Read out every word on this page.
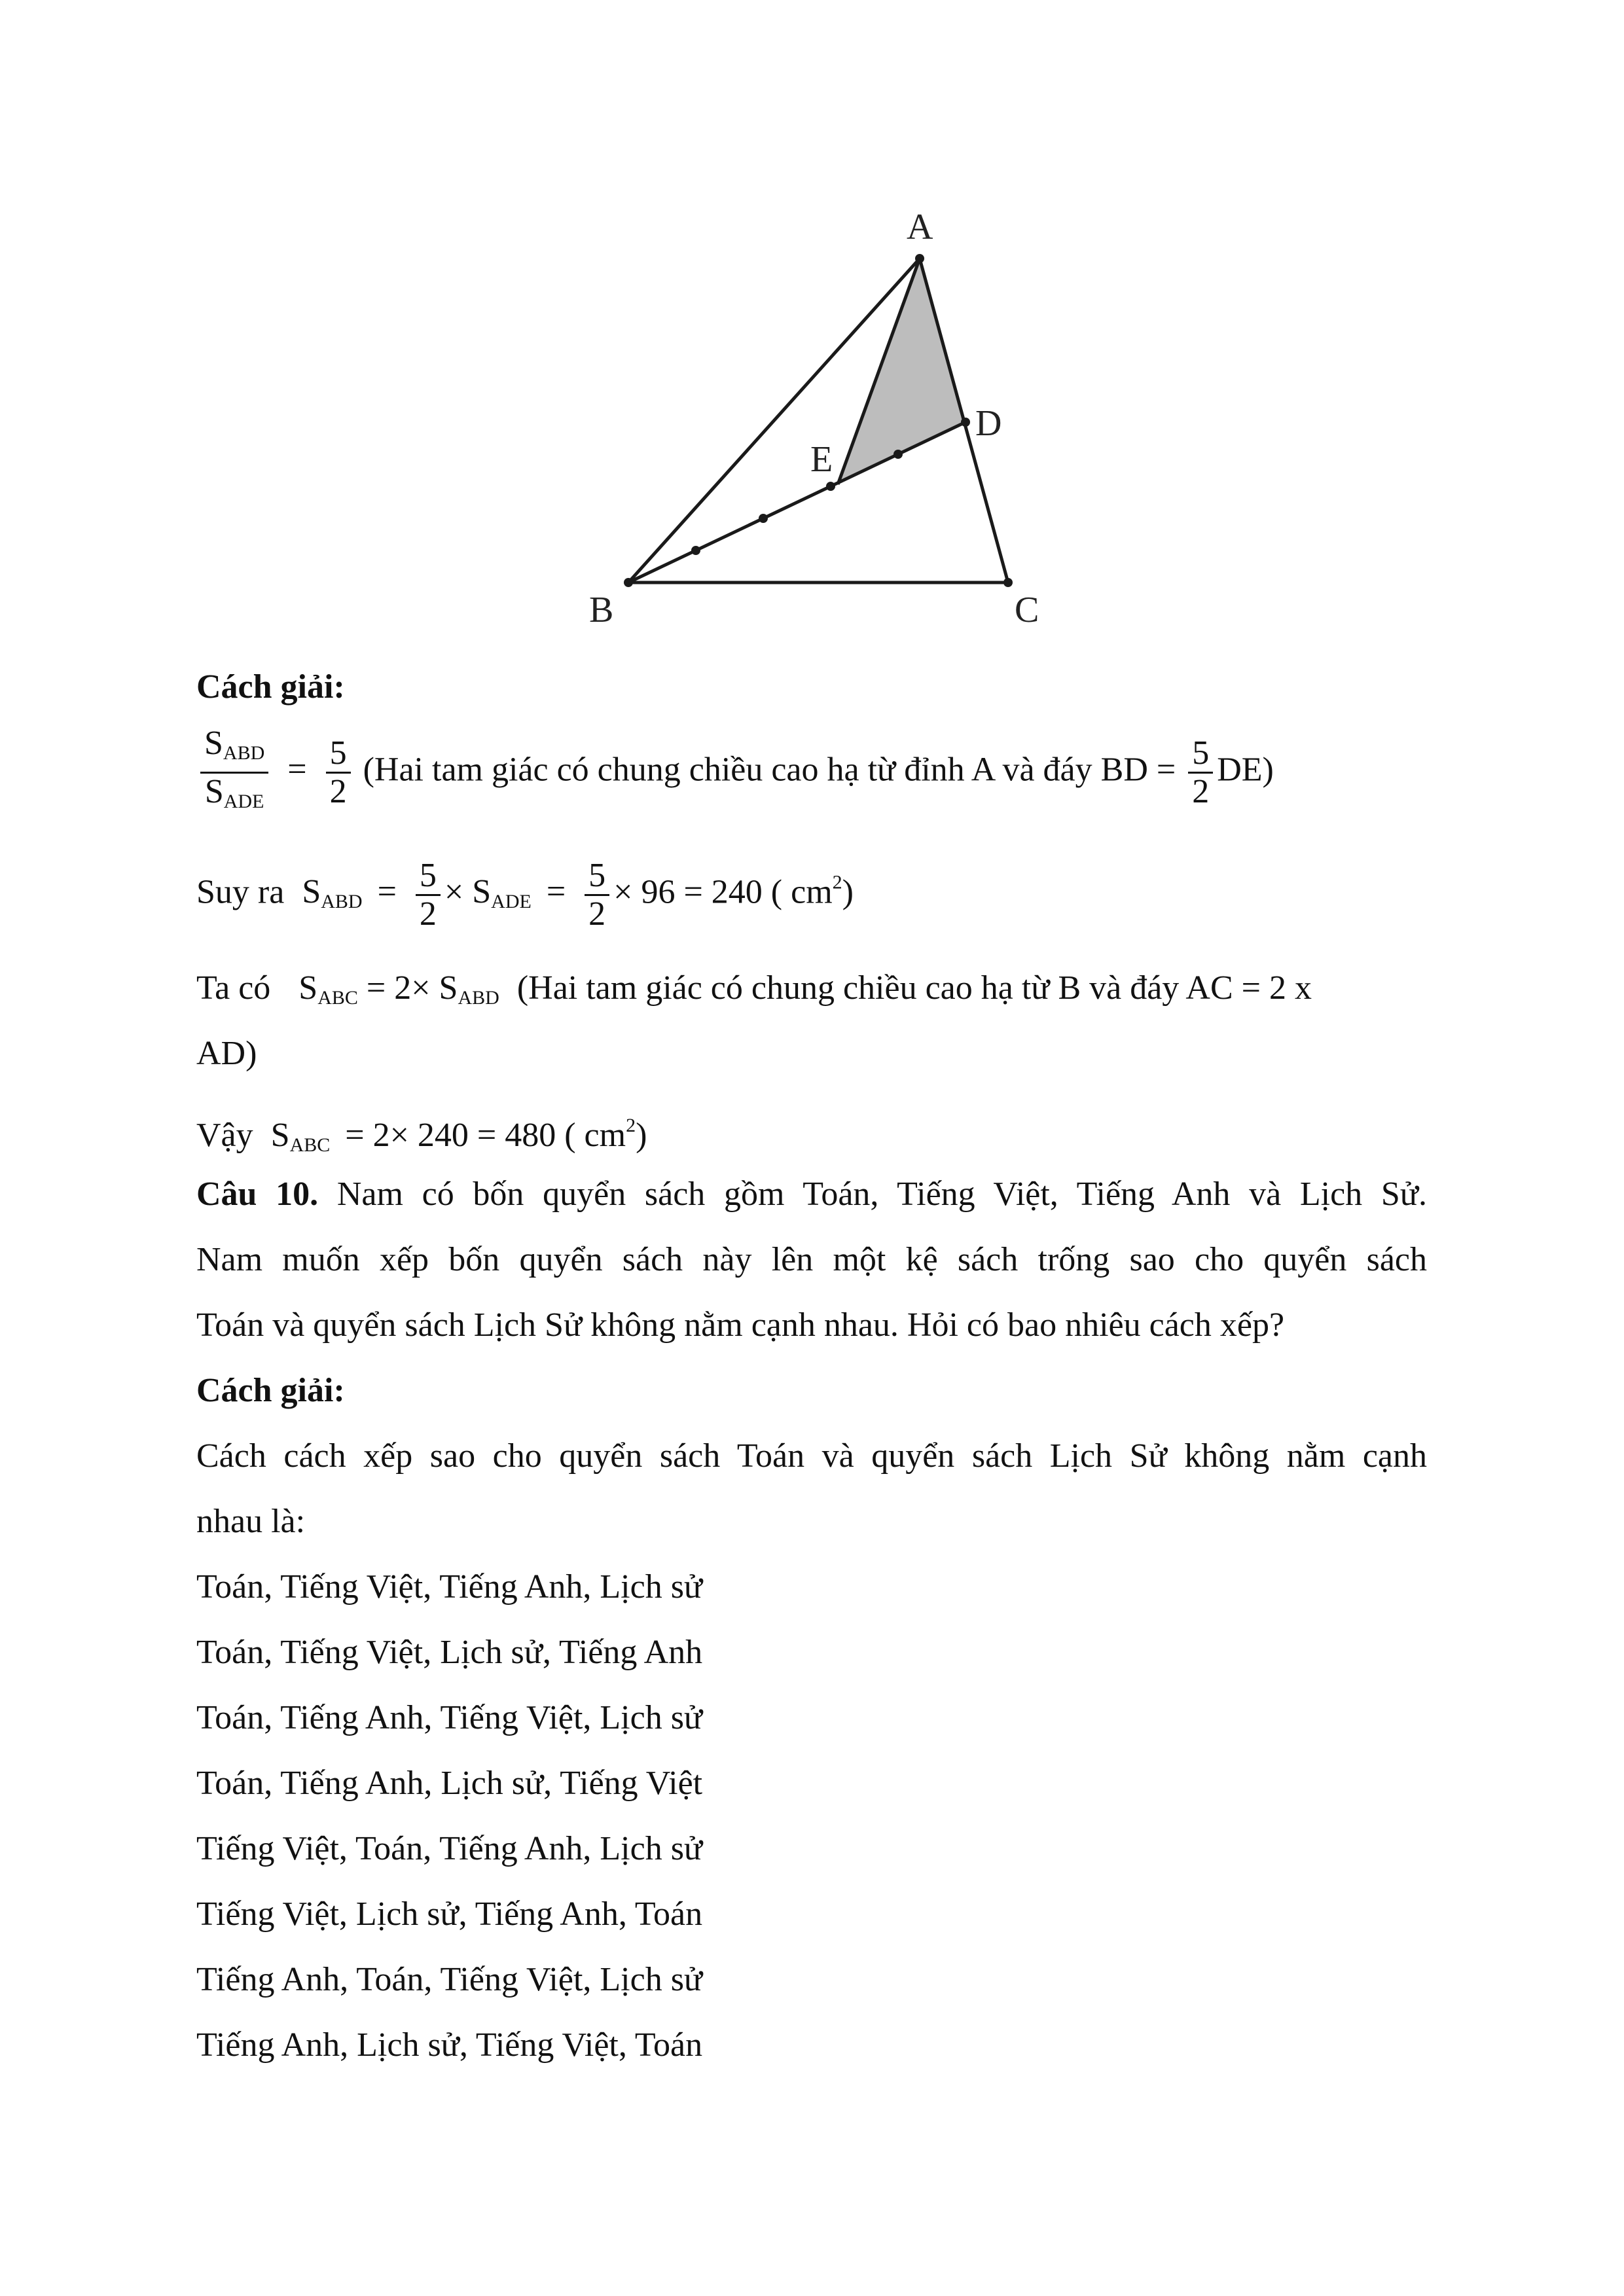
A
B	C
D
E
Cách giải:
$\frac{S_{ABD}}{S_{ADE}} = \frac{5}{2} (Hai$ tam giác có chung chiều cao hạ từ đỉnh A và đáy BD = $\frac{5}{2} DE$)
Suy ra $S_{ABD} = \frac{5}{2} \times S_{ADE} = \frac{5}{2} \times 96 = 240$ ( $cm^2$)
Ta có $S_{ABC} = 2\times S_{ABD}$ (Hai tam giác có chung chiều cao hạ từ B và đáy AC = 2 x
AD)
Vậy $S_{ABC} = 2\times 240 = 480$ ( $cm^2$)
Câu 10. Nam có bốn quyển sách gồm Toán, Tiếng Việt, Tiếng Anh và Lịch Sử.
Nam muốn xếp bốn quyển sách này lên một kệ sách trống sao cho quyển sách
Toán và quyển sách Lịch Sử không nằm cạnh nhau. Hỏi có bao nhiêu cách xếp?
Cách giải:
Cách cách xếp sao cho quyển sách Toán và quyển sách Lịch Sử không nằm cạnh
nhau là:
Toán, Tiếng Việt, Tiếng Anh, Lịch sử
Toán, Tiếng Việt, Lịch sử, Tiếng Anh
Toán, Tiếng Anh, Tiếng Việt, Lịch sử
Toán, Tiếng Anh, Lịch sử, Tiếng Việt
Tiếng Việt, Toán, Tiếng Anh, Lịch sử
Tiếng Việt, Lịch sử, Tiếng Anh, Toán
Tiếng Anh, Toán, Tiếng Việt, Lịch sử
Tiếng Anh, Lịch sử, Tiếng Việt, Toán
